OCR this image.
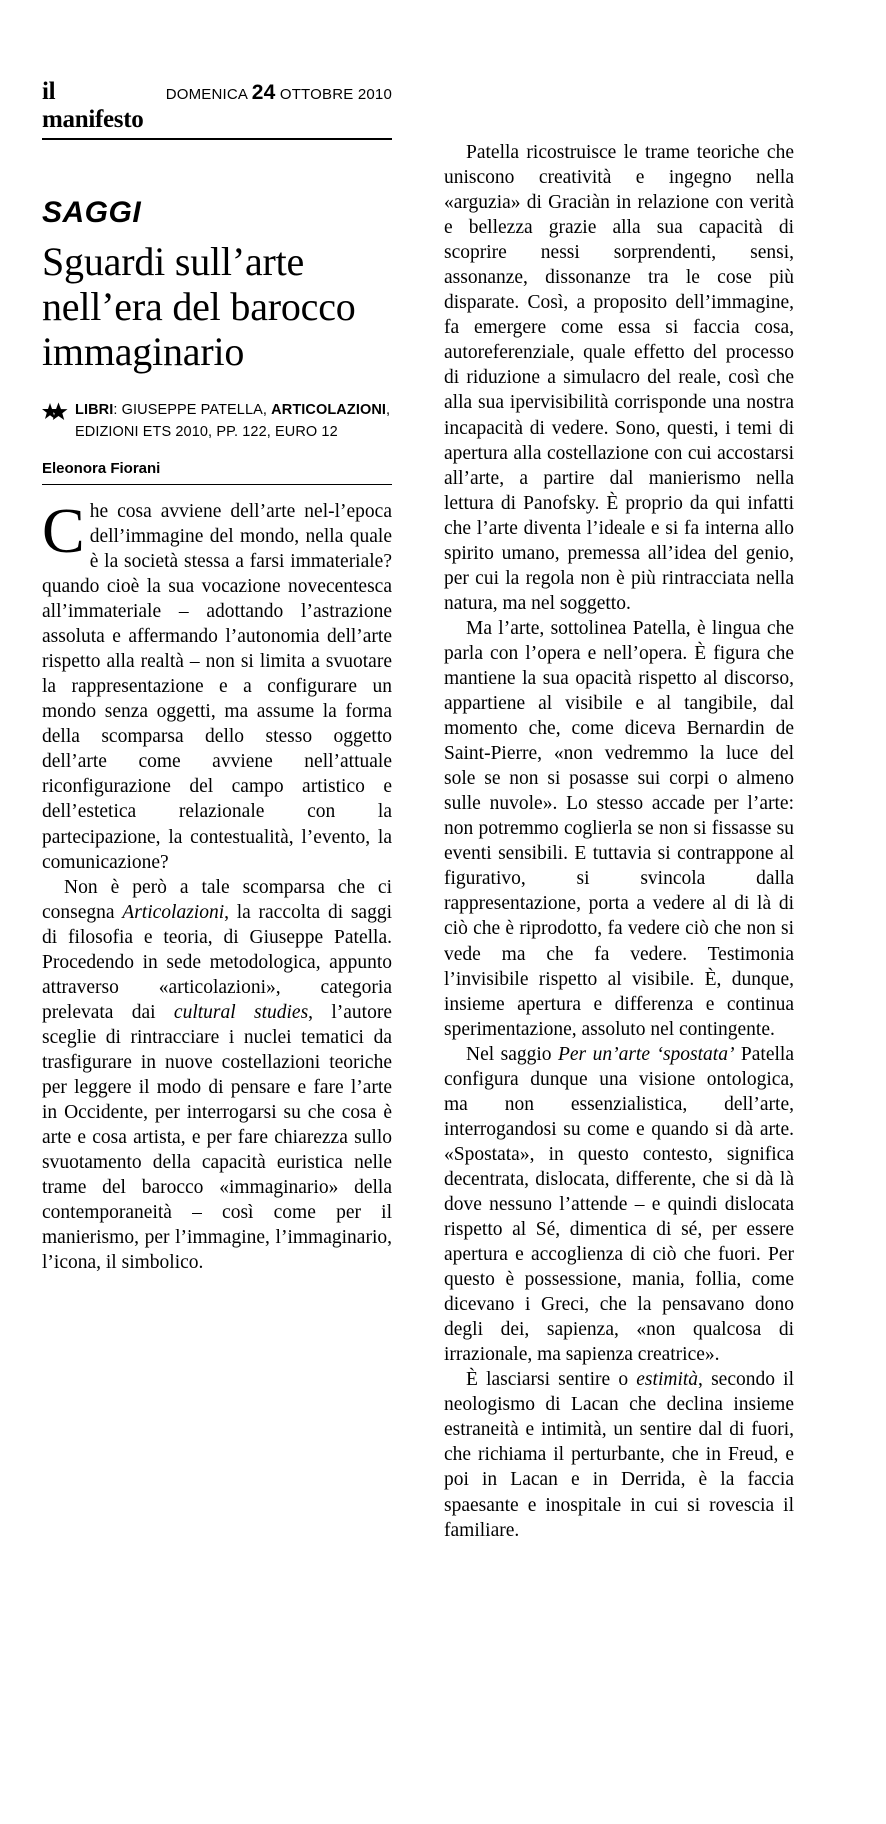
il manifesto
DOMENICA 24 OTTOBRE 2010
SAGGI
Sguardi sull’arte nell’era del barocco immaginario
LIBRI: GIUSEPPE PATELLA, ARTICOLAZIONI, EDIZIONI ETS 2010, PP. 122, EURO 12
Eleonora Fiorani

Che cosa avviene dell’arte nel-l’epoca dell’immagine del mondo, nella quale è la società stessa a farsi immateriale? quando cioè la sua vocazione novecentesca all’immateriale – adottando l’astrazione assoluta e affermando l’autonomia dell’arte rispetto alla realtà – non si limita a svuotare la rappresentazione e a configurare un mondo senza oggetti, ma assume la forma della scomparsa dello stesso oggetto dell’arte come avviene nell’attuale riconfigurazione del campo artistico e dell’estetica relazionale con la partecipazione, la contestualità, l’evento, la comunicazione?

Non è però a tale scomparsa che ci consegna Articolazioni, la raccolta di saggi di filosofia e teoria, di Giuseppe Patella. Procedendo in sede metodologica, appunto attraverso «articolazioni», categoria prelevata dai cultural studies, l’autore sceglie di rintracciare i nuclei tematici da trasfigurare in nuove costellazioni teoriche per leggere il modo di pensare e fare l’arte in Occidente, per interrogarsi su che cosa è arte e cosa artista, e per fare chiarezza sullo svuotamento della capacità euristica nelle trame del barocco «immaginario» della contemporaneità – così come per il manierismo, per l’immagine, l’immaginario, l’icona, il simbolico.

Patella ricostruisce le trame teoriche che uniscono creatività e ingegno nella «arguzia» di Graciàn in relazione con verità e bellezza grazie alla sua capacità di scoprire nessi sorprendenti, sensi, assonanze, dissonanze tra le cose più disparate. Così, a proposito dell’immagine, fa emergere come essa si faccia cosa, autoreferenziale, quale effetto del processo di riduzione a simulacro del reale, così che alla sua ipervisibilità corrisponde una nostra incapacità di vedere. Sono, questi, i temi di apertura alla costellazione con cui accostarsi all’arte, a partire dal manierismo nella lettura di Panofsky. È proprio da qui infatti che l’arte diventa l’ideale e si fa interna allo spirito umano, premessa all’idea del genio, per cui la regola non è più rintracciata nella natura, ma nel soggetto.

Ma l’arte, sottolinea Patella, è lingua che parla con l’opera e nell’opera. È figura che mantiene la sua opacità rispetto al discorso, appartiene al visibile e al tangibile, dal momento che, come diceva Bernardin de Saint-Pierre, «non vedremmo la luce del sole se non si posasse sui corpi o almeno sulle nuvole». Lo stesso accade per l’arte: non potremmo coglierla se non si fissasse su eventi sensibili. E tuttavia si contrappone al figurativo, si svincola dalla rappresentazione, porta a vedere al di là di ciò che è riprodotto, fa vedere ciò che non si vede ma che fa vedere. Testimonia l’invisibile rispetto al visibile. È, dunque, insieme apertura e differenza e continua sperimentazione, assoluto nel contingente.

Nel saggio Per un’arte ‘spostata’ Patella configura dunque una visione ontologica, ma non essenzialistica, dell’arte, interrogandosi su come e quando si dà arte. «Spostata», in questo contesto, significa decentrata, dislocata, differente, che si dà là dove nessuno l’attende – e quindi dislocata rispetto al Sé, dimentica di sé, per essere apertura e accoglienza di ciò che fuori. Per questo è possessione, mania, follia, come dicevano i Greci, che la pensavano dono degli dei, sapienza, «non qualcosa di irrazionale, ma sapienza creatrice».

È lasciarsi sentire o estimità, secondo il neologismo di Lacan che declina insieme estraneità e intimità, un sentire dal di fuori, che richiama il perturbante, che in Freud, e poi in Lacan e in Derrida, è la faccia spaesante e inospitale in cui si rovescia il familiare.
